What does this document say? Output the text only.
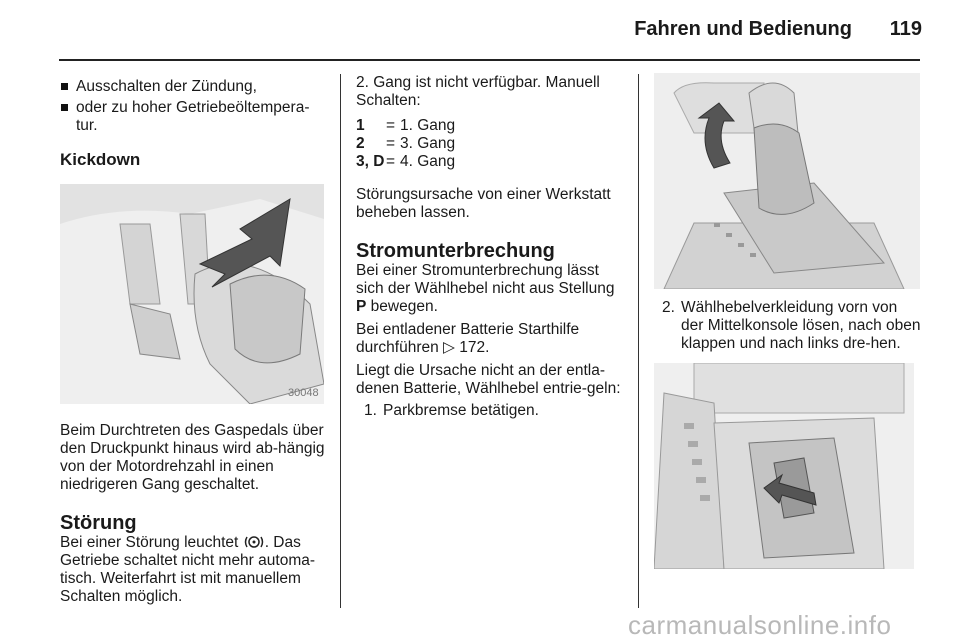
Fahren und Bedienung 119
Ausschalten der Zündung,
oder zu hoher Getriebeöltempera-tur.
Kickdown
30048

Beim Durchtreten des Gaspedals über den Druckpunkt hinaus wird ab-hängig von der Motordrehzahl in einen niedrigeren Gang geschaltet.

Störung

Bei einer Störung leuchtet . Das Getriebe schaltet nicht mehr automa-tisch. Weiterfahrt ist mit manuellem Schalten möglich.

2. Gang ist nicht verfügbar. Manuell Schalten:

1	= 1. Gang
2	= 3. Gang
3, D = 4. Gang

Störungsursache von einer Werkstatt beheben lassen.

Stromunterbrechung

Bei einer Stromunterbrechung lässt sich der Wählhebel nicht aus Stellung P bewegen.

Bei entladener Batterie Starthilfe durchführen ▷ 172.

Liegt die Ursache nicht an der entla-denen Batterie, Wählhebel entrie-geln:

1. Parkbremse betätigen.
2. Wählhebelverkleidung vorn von der Mittelkonsole lösen, nach oben klappen und nach links dre-hen.
carmanualsonline.info
